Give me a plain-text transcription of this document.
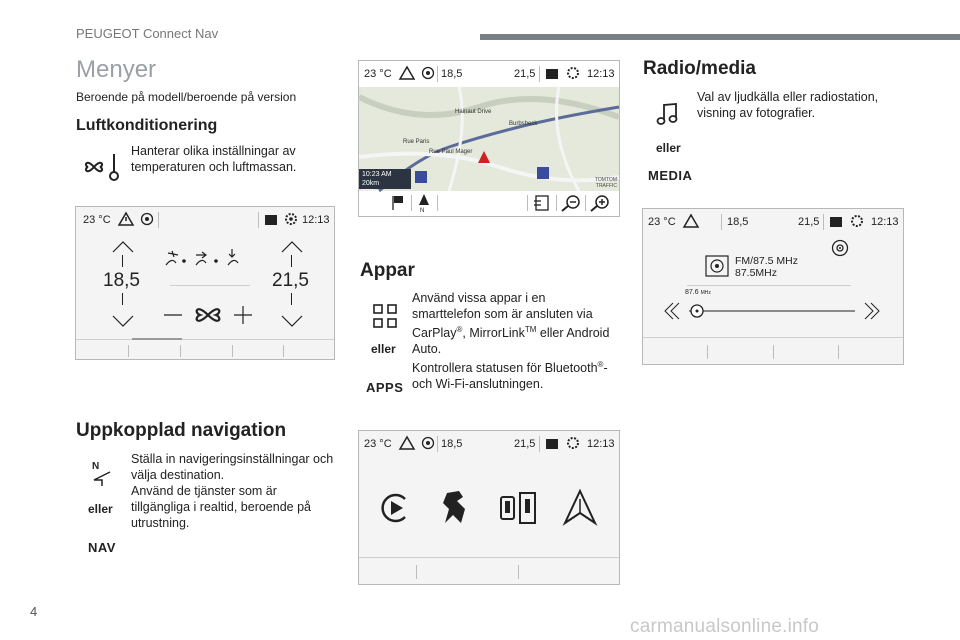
PEUGEOT Connect Nav
Menyer
Beroende på modell/beroende på version
Luftkonditionering
Hanterar olika inställningar av temperaturen och luftmassan.
23 °C	12:13
18,5	21,5
Uppkopplad navigation
N
eller
NAV
Ställa in navigeringsinställningar och välja destination.
Använd de tjänster som är tillgängliga i realtid, beroende på utrustning.
23 °C	18,5	21,5	12:13
Hainaut Drive
Burbsbeck
Rue Paris
Rue Paul Mager
10:23 AM 20km
232m
TOMTOM TRAFFIC
N
Appar
eller
APPS
Använd vissa appar i en smarttelefon som är ansluten via CarPlay®, MirrorLink™ eller Android Auto.
Kontrollera statusen för Bluetooth®- och Wi-Fi-anslutningen.
23 °C	18,5	21,5	12:13
Radio/media
eller
MEDIA
Val av ljudkälla eller radiostation, visning av fotografier.
23 °C	18,5	21,5	12:13
FM/87.5 MHz
87.5MHz
87.6 MHz
4
carmanualsonline.info
